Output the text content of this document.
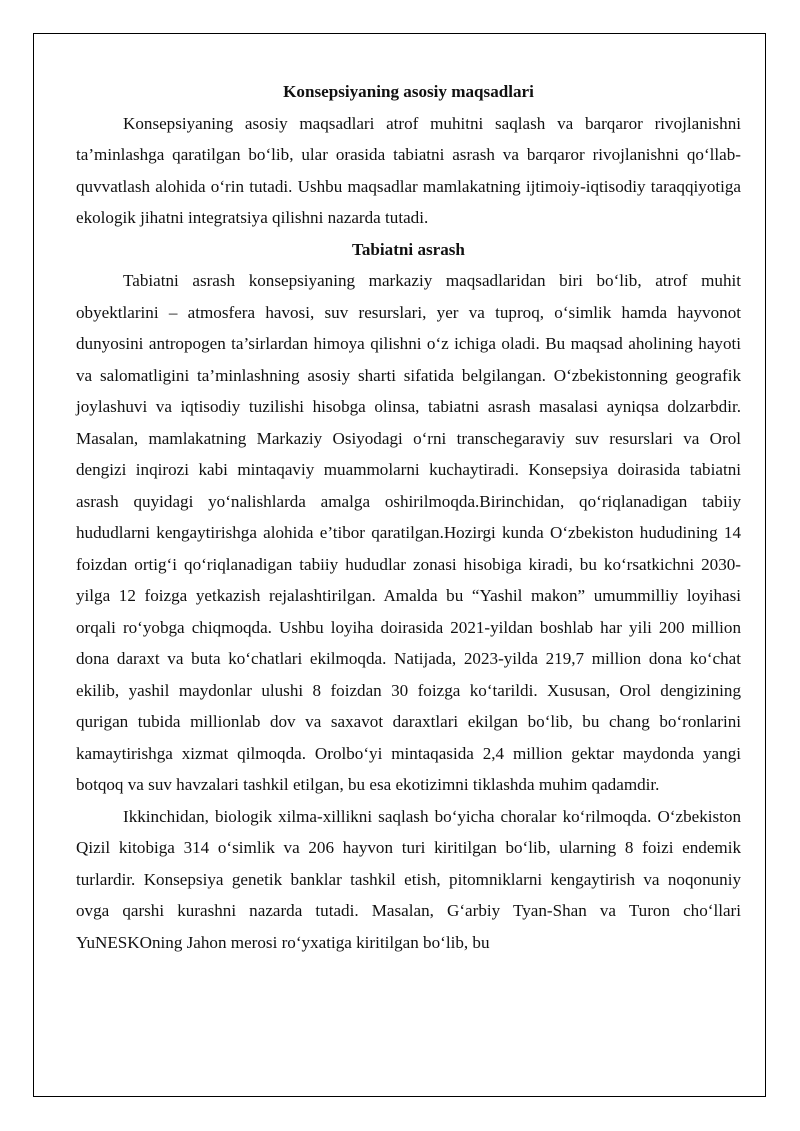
Konsepsiyaning asosiy maqsadlari

Konsepsiyaning asosiy maqsadlari atrof muhitni saqlash va barqaror rivojlanishni ta’minlashga qaratilgan bo‘lib, ular orasida tabiatni asrash va barqaror rivojlanishni qo‘llab-quvvatlash alohida o‘rin tutadi. Ushbu maqsadlar mamlakatning ijtimoiy-iqtisodiy taraqqiyotiga ekologik jihatni integratsiya qilishni nazarda tutadi.

Tabiatni asrash

Tabiatni asrash konsepsiyaning markaziy maqsadlaridan biri bo‘lib, atrof muhit obyektlarini – atmosfera havosi, suv resurslari, yer va tuproq, o‘simlik hamda hayvonot dunyosini antropogen ta’sirlardan himoya qilishni o‘z ichiga oladi. Bu maqsad aholining hayoti va salomatligini ta’minlashning asosiy sharti sifatida belgilangan. O‘zbekistonning geografik joylashuvi va iqtisodiy tuzilishi hisobga olinsa, tabiatni asrash masalasi ayniqsa dolzarbdir. Masalan, mamlakatning Markaziy Osiyodagi o‘rni transchegaraviy suv resurslari va Orol dengizi inqirozi kabi mintaqaviy muammolarni kuchaytiradi. Konsepsiya doirasida tabiatni asrash quyidagi yo‘nalishlarda amalga oshirilmoqda.Birinchidan, qo‘riqlanadigan tabiiy hududlarni kengaytirishga alohida e’tibor qaratilgan.Hozirgi kunda O‘zbekiston hududining 14 foizdan ortig‘i qo‘riqlanadigan tabiiy hududlar zonasi hisobiga kiradi, bu ko‘rsatkichni 2030-yilga 12 foizga yetkazish rejalashtirilgan. Amalda bu “Yashil makon” umummilliy loyihasi orqali ro‘yobga chiqmoqda. Ushbu loyiha doirasida 2021-yildan boshlab har yili 200 million dona daraxt va buta ko‘chatlari ekilmoqda. Natijada, 2023-yilda 219,7 million dona ko‘chat ekilib, yashil maydonlar ulushi 8 foizdan 30 foizga ko‘tarildi. Xususan, Orol dengizining qurigan tubida millionlab dov va saxavot daraxtlari ekilgan bo‘lib, bu chang bo‘ronlarini kamaytirishga xizmat qilmoqda. Orolbo‘yi mintaqasida 2,4 million gektar maydonda yangi botqoq va suv havzalari tashkil etilgan, bu esa ekotizimni tiklashda muhim qadamdir.

Ikkinchidan, biologik xilma-xillikni saqlash bo‘yicha choralar ko‘rilmoqda. O‘zbekiston Qizil kitobiga 314 o‘simlik va 206 hayvon turi kiritilgan bo‘lib, ularning 8 foizi endemik turlardir. Konsepsiya genetik banklar tashkil etish, pitomniklarni kengaytirish va noqonuniy ovga qarshi kurashni nazarda tutadi. Masalan, G‘arbiy Tyan-Shan va Turon cho‘llari YuNESKOning Jahon merosi ro‘yxatiga kiritilgan bo‘lib, bu
